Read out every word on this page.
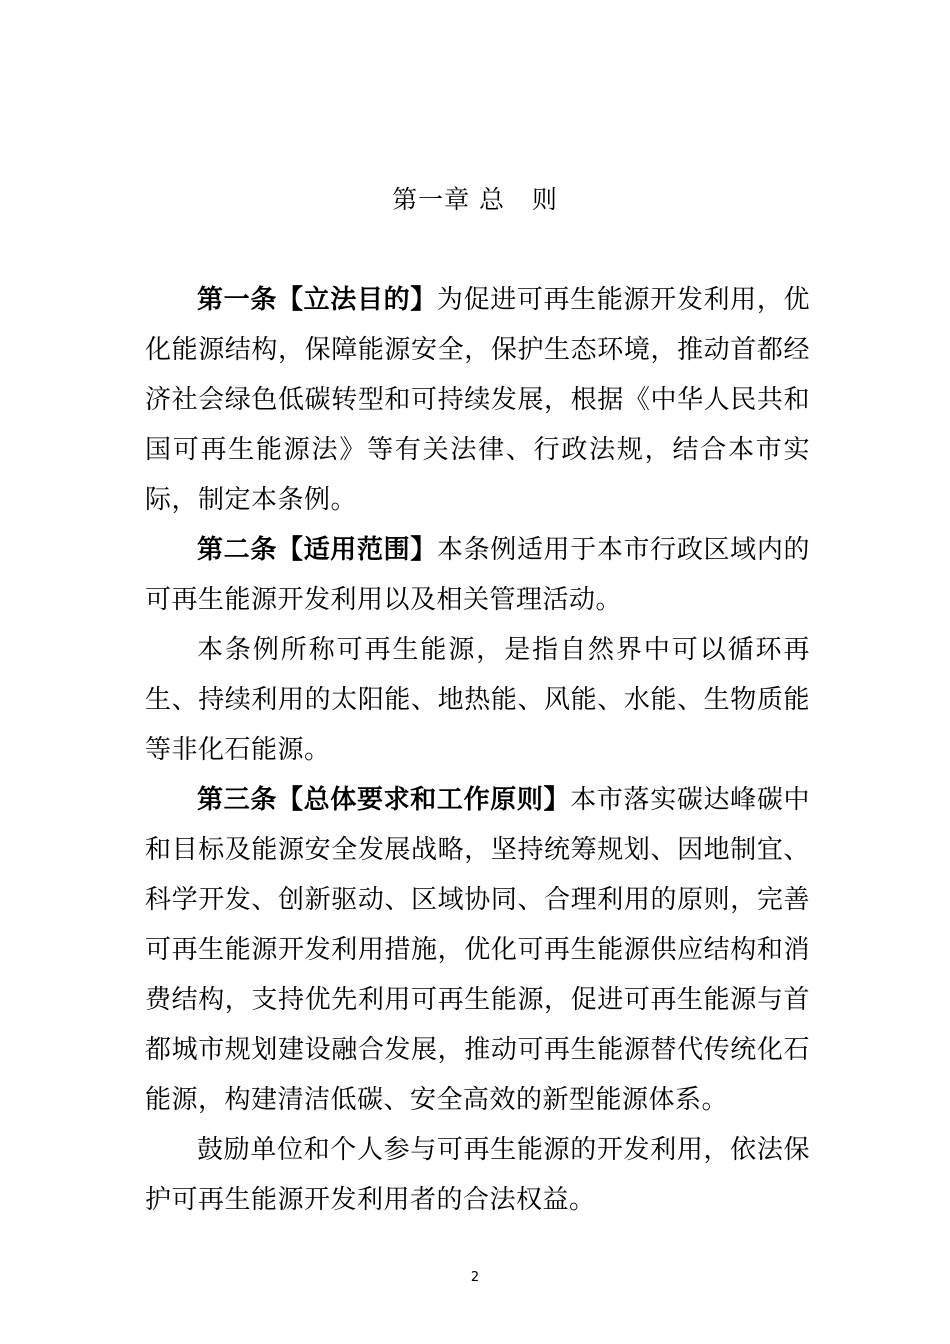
第一章 总   则

第一条【立法目的】为促进可再生能源开发利用，优化能源结构，保障能源安全，保护生态环境，推动首都经济社会绿色低碳转型和可持续发展，根据《中华人民共和国可再生能源法》等有关法律、行政法规，结合本市实际，制定本条例。

第二条【适用范围】本条例适用于本市行政区域内的可再生能源开发利用以及相关管理活动。

本条例所称可再生能源，是指自然界中可以循环再生、持续利用的太阳能、地热能、风能、水能、生物质能等非化石能源。

第三条【总体要求和工作原则】本市落实碳达峰碳中和目标及能源安全发展战略，坚持统筹规划、因地制宜、科学开发、创新驱动、区域协同、合理利用的原则，完善可再生能源开发利用措施，优化可再生能源供应结构和消费结构，支持优先利用可再生能源，促进可再生能源与首都城市规划建设融合发展，推动可再生能源替代传统化石能源，构建清洁低碳、安全高效的新型能源体系。

鼓励单位和个人参与可再生能源的开发利用，依法保护可再生能源开发利用者的合法权益。

2
